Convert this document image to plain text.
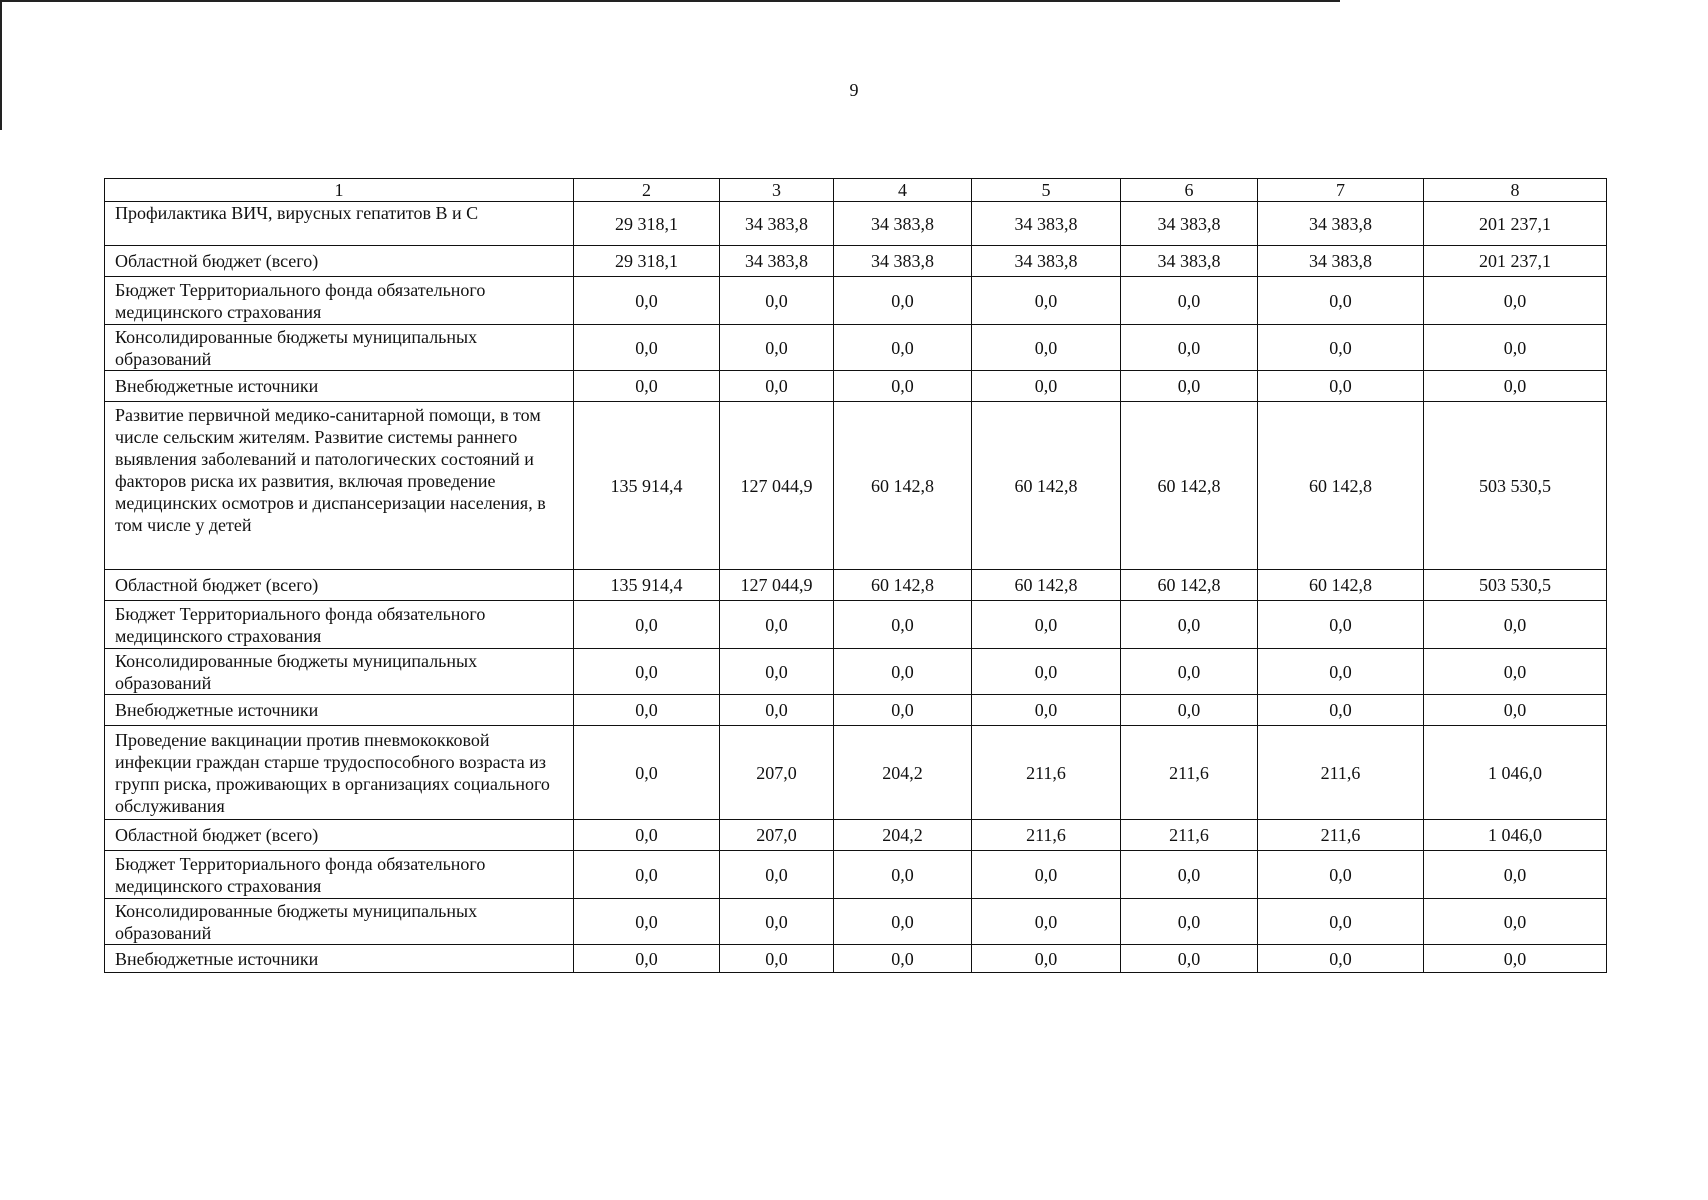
9
1	2	3	4	5	6	7	8
Профилактика ВИЧ, вирусных гепатитов В и С	29 318,1	34 383,8	34 383,8	34 383,8	34 383,8	34 383,8	201 237,1
Областной бюджет (всего)	29 318,1	34 383,8	34 383,8	34 383,8	34 383,8	34 383,8	201 237,1
Бюджет Территориального фонда обязательного медицинского страхования	0,0	0,0	0,0	0,0	0,0	0,0	0,0
Консолидированные бюджеты муниципальных образований	0,0	0,0	0,0	0,0	0,0	0,0	0,0
Внебюджетные источники	0,0	0,0	0,0	0,0	0,0	0,0	0,0
Развитие первичной медико-санитарной помощи, в том числе сельским жителям. Развитие системы раннего выявления заболеваний и патологических состояний и факторов риска их развития, включая проведение медицинских осмотров и диспансеризации населения, в том числе у детей	135 914,4	127 044,9	60 142,8	60 142,8	60 142,8	60 142,8	503 530,5
Областной бюджет (всего)	135 914,4	127 044,9	60 142,8	60 142,8	60 142,8	60 142,8	503 530,5
Бюджет Территориального фонда обязательного медицинского страхования	0,0	0,0	0,0	0,0	0,0	0,0	0,0
Консолидированные бюджеты муниципальных образований	0,0	0,0	0,0	0,0	0,0	0,0	0,0
Внебюджетные источники	0,0	0,0	0,0	0,0	0,0	0,0	0,0
Проведение вакцинации против пневмококковой инфекции граждан старше трудоспособного возраста из групп риска, проживающих в организациях социального обслуживания	0,0	207,0	204,2	211,6	211,6	211,6	1 046,0
Областной бюджет (всего)	0,0	207,0	204,2	211,6	211,6	211,6	1 046,0
Бюджет Территориального фонда обязательного медицинского страхования	0,0	0,0	0,0	0,0	0,0	0,0	0,0
Консолидированные бюджеты муниципальных образований	0,0	0,0	0,0	0,0	0,0	0,0	0,0
Внебюджетные источники	0,0	0,0	0,0	0,0	0,0	0,0	0,0
